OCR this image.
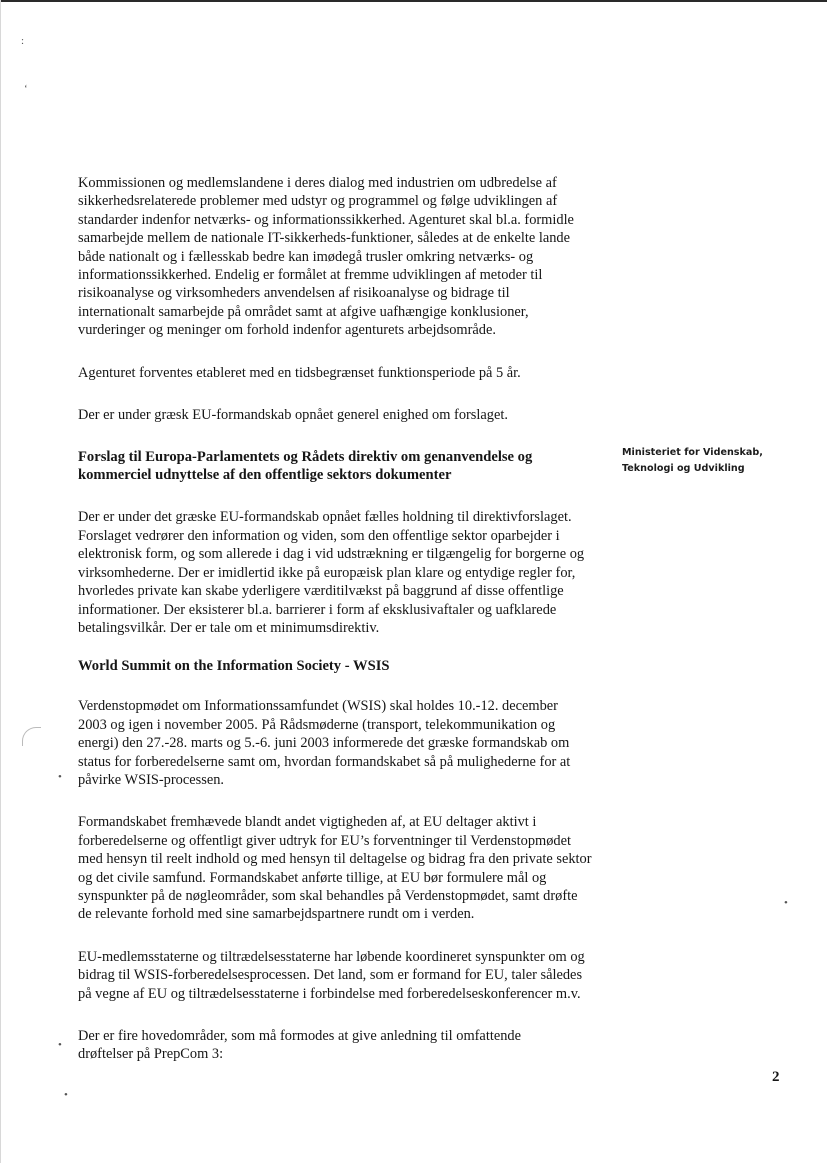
:
‘
•
•
•
•

Kommissionen og medlemslandene i deres dialog med industrien om udbredelse af sikkerhedsrelaterede problemer med udstyr og programmel og følge udviklingen af standarder indenfor netværks- og informationssikkerhed. Agenturet skal bl.a. formidle samarbejde mellem de nationale IT-sikkerheds-funktioner, således at de enkelte lande både nationalt og i fællesskab bedre kan imødegå trusler omkring netværks- og informationssikkerhed. Endelig er formålet at fremme udviklingen af metoder til risikoanalyse og virksomheders anvendelsen af risikoanalyse og bidrage til internationalt samarbejde på området samt at afgive uafhængige konklusioner, vurderinger og meninger om forhold indenfor agenturets arbejdsområde.

Agenturet forventes etableret med en tidsbegrænset funktionsperiode på 5 år.

Der er under græsk EU-formandskab opnået generel enighed om forslaget.

Forslag til Europa-Parlamentets og Rådets direktiv om genanvendelse og kommerciel udnyttelse af den offentlige sektors dokumenter

Der er under det græske EU-formandskab opnået fælles holdning til direktivforslaget. Forslaget vedrører den information og viden, som den offentlige sektor oparbejder i elektronisk form, og som allerede i dag i vid udstrækning er tilgængelig for borgerne og virksomhederne. Der er imidlertid ikke på europæisk plan klare og entydige regler for, hvorledes private kan skabe yderligere værditilvækst på baggrund af disse offentlige informationer. Der eksisterer bl.a. barrierer i form af eksklusivaftaler og uafklarede betalingsvilkår. Der er tale om et minimumsdirektiv.

World Summit on the Information Society - WSIS

Verdenstopmødet om Informationssamfundet (WSIS) skal holdes 10.-12. december 2003 og igen i november 2005. På Rådsmøderne (transport, telekommunikation og energi) den 27.-28. marts og 5.-6. juni 2003 informerede det græske formandskab om status for forberedelserne samt om, hvordan formandskabet så på mulighederne for at påvirke WSIS-processen.

Formandskabet fremhævede blandt andet vigtigheden af, at EU deltager aktivt i forberedelserne og offentligt giver udtryk for EU’s forventninger til Verdenstopmødet med hensyn til reelt indhold og med hensyn til deltagelse og bidrag fra den private sektor og det civile samfund. Formandskabet anførte tillige, at EU bør formulere mål og synspunkter på de nøgleområder, som skal behandles på Verdenstopmødet, samt drøfte de relevante forhold med sine samarbejdspartnere rundt om i verden.

EU-medlemsstaterne og tiltrædelsesstaterne har løbende koordineret synspunkter om og bidrag til WSIS-forberedelsesprocessen. Det land, som er formand for EU, taler således på vegne af EU og tiltrædelsesstaterne i forbindelse med forberedelseskonferencer m.v.

Der er fire hovedområder, som må formodes at give anledning til omfattende drøftelser på PrepCom 3:

Ministeriet for Videnskab,
Teknologi og Udvikling
2
